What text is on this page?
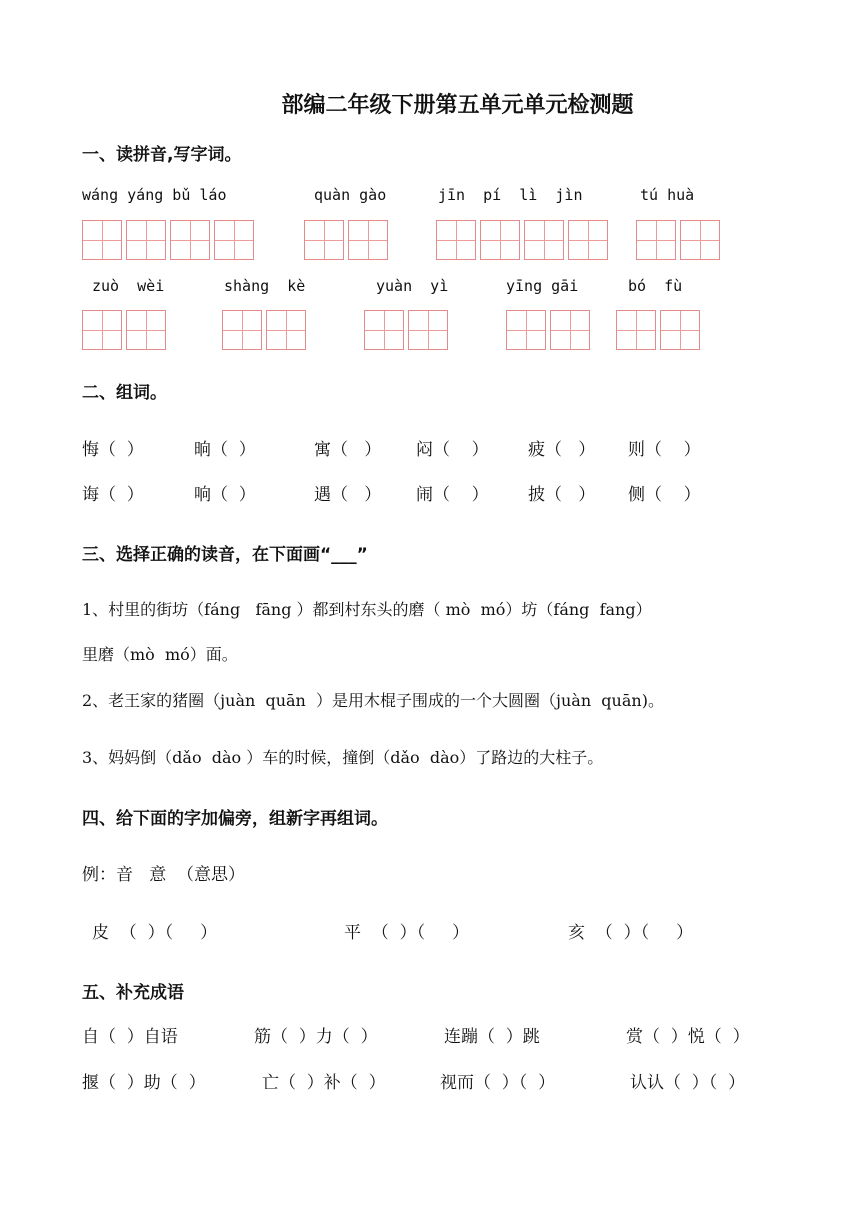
部编二年级下册第五单元单元检测题
一、读拼音,写字词。
wáng yáng bǔ láo	quàn gào	jīn  pí  lì  jìn	tú huà
zuò  wèi	shàng  kè	yuàn  yì	yīng gāi	bó  fù
二、组词。
悔（  ）	晌（  ）	寓（   ） 闷（    ） 疲（   ） 则（    ）
诲（  ）	响（  ）	遇（   ） 闹（    ） 披（   ） 侧（    ）
三、选择正确的读音，在下面画“___”
1、村里的街坊（fáng   fāng ）都到村东头的磨（ mò  mó）坊（fáng  fang）
里磨（mò  mó）面。
2、老王家的猪圈（juàn  quān  ）是用木棍子围成的一个大圆圈（juàn  quān)。
3、妈妈倒（dǎo  dào ）车的时候，撞倒（dǎo  dào）了路边的大柱子。
四、给下面的字加偏旁，组新字再组词。
例：音   意  （意思）
皮  （  ）（     ）	平  （  ）（     ）	亥  （  ）（     ）
五、补充成语
自（  ）自语	筋（  ）力（  ）	连蹦（  ）跳	赏（  ）悦（  ）
揠（  ）助（  ）	亡（  ）补（  ）	视而（  ）（  ）	认认（  ）（  ）
